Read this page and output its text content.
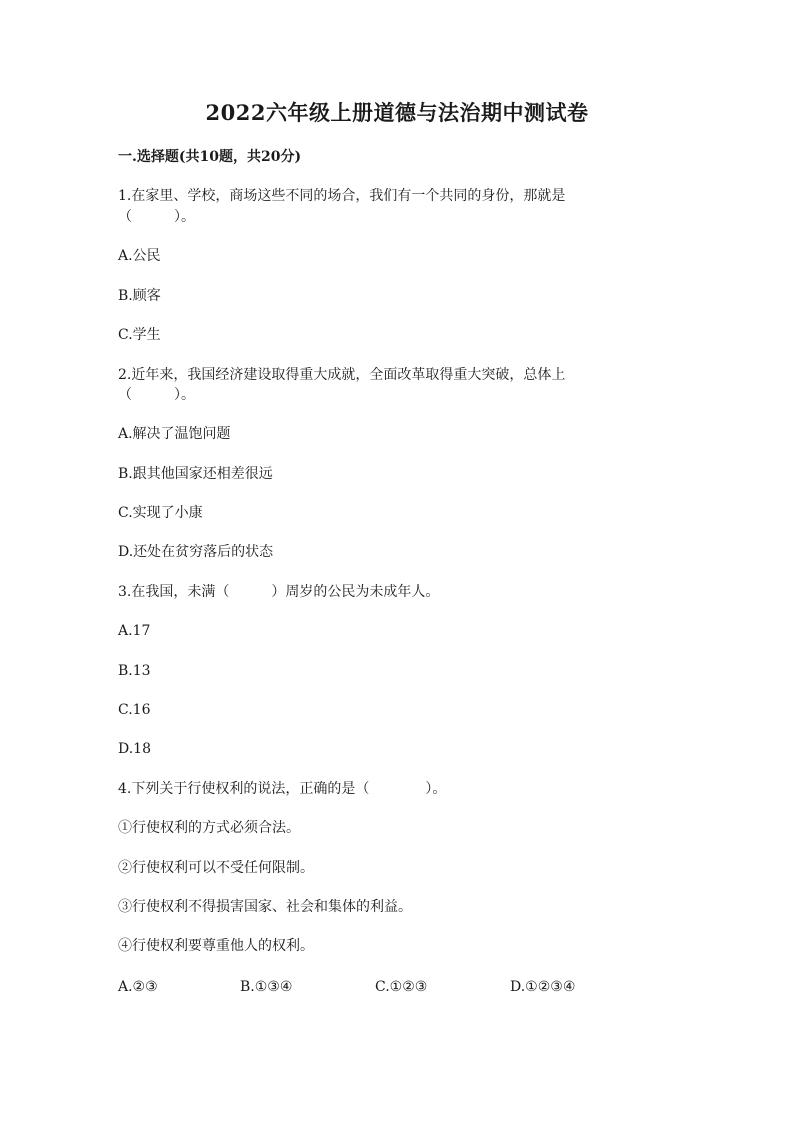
2022六年级上册道德与法治期中测试卷
一.选择题(共10题，共20分)
1.在家里、学校，商场这些不同的场合，我们有一个共同的身份，那就是
（　　　）。
A.公民
B.顾客
C.学生
2.近年来，我国经济建设取得重大成就，全面改革取得重大突破，总体上
（　　　）。
A.解决了温饱问题
B.跟其他国家还相差很远
C.实现了小康
D.还处在贫穷落后的状态
3.在我国，未满（　　　）周岁的公民为未成年人。
A.17
B.13
C.16
D.18
4.下列关于行使权利的说法，正确的是（　　　　）。
①行使权利的方式必须合法。
②行使权利可以不受任何限制。
③行使权利不得损害国家、社会和集体的利益。
④行使权利要尊重他人的权利。
A.②③	B.①③④	C.①②③	D.①②③④
